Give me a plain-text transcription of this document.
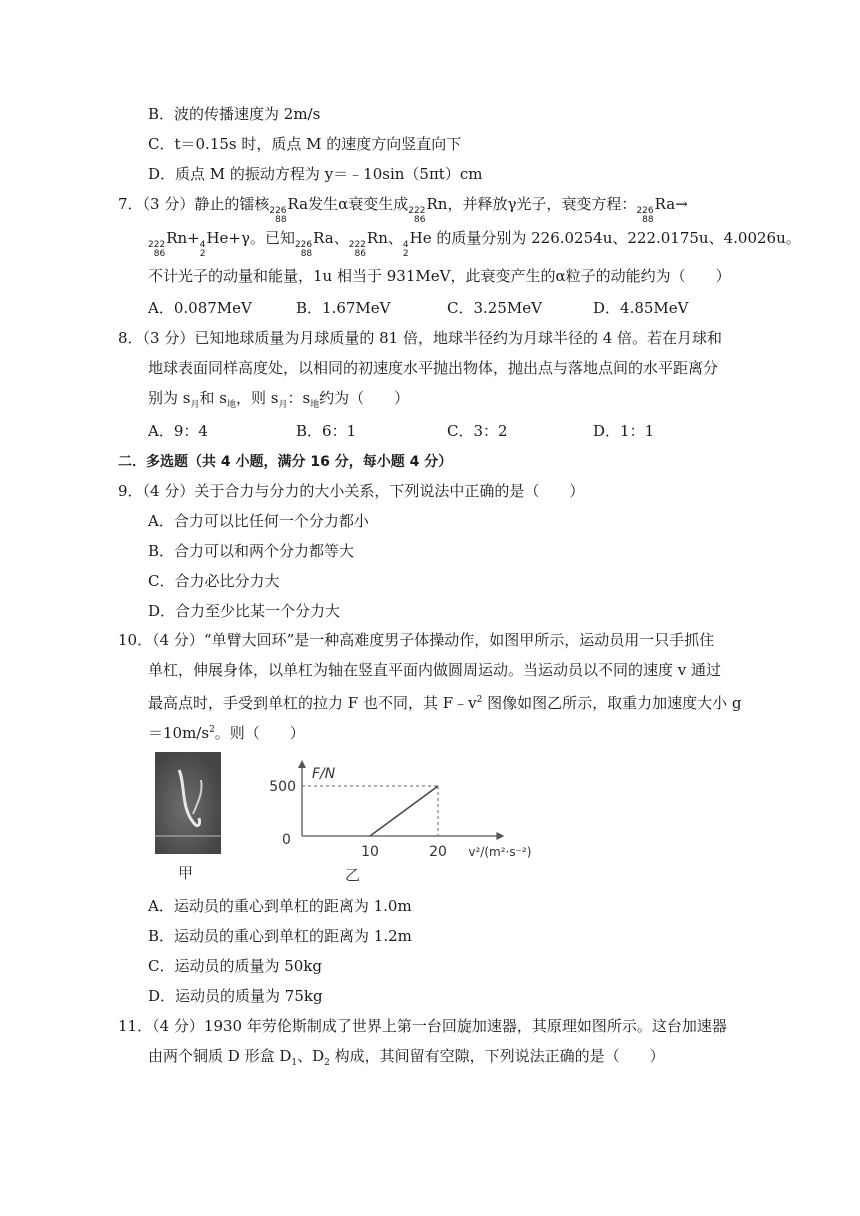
B．波的传播速度为 2m/s
C．t＝0.15s 时，质点 M 的速度方向竖直向下
D．质点 M 的振动方程为 y＝﹣10sin（5πt）cm
7．（3 分）静止的镭核 226
88
Ra发生α衰变生成 222
86
Rn，并释放γ光子，衰变方程： 226
88
Ra→
222
86
Rn+ 4
2
He+γ。已知 226
88
Ra、 222
86
Rn、 4
2
He 的质量分别为 226.0254u、222.0175u、4.0026u。
不计光子的动量和能量，1u 相当于 931MeV，此衰变产生的α粒子的动能约为（　　）
A．0.087MeV	B．1.67MeV	C．3.25MeV	D．4.85MeV
8．（3 分）已知地球质量为月球质量的 81 倍，地球半径约为月球半径的 4 倍。若在月球和
地球表面同样高度处，以相同的初速度水平抛出物体，抛出点与落地点间的水平距离分
别为 $s_月$和 $s_地$，则 $s_月$：$s_地$约为（　　）
A．9：4	B．6：1	C．3：2	D．1：1
二．多选题（共 4 小题，满分 16 分，每小题 4 分）
9．（4 分）关于合力与分力的大小关系，下列说法中正确的是（　　）
A．合力可以比任何一个分力都小
B．合力可以和两个分力都等大
C．合力必比分力大
D．合力至少比某一个分力大
10．（4 分）“单臂大回环”是一种高难度男子体操动作，如图甲所示，运动员用一只手抓住
单杠，伸展身体，以单杠为轴在竖直平面内做圆周运动。当运动员以不同的速度 v 通过
最高点时，手受到单杠的拉力 F 也不同，其 $F﹣v^2$ 图像如图乙所示，取重力加速度大小 g
$=10m/s^2$。则（　　）
甲
F/N
v²/(m²·s⁻²)
0
10	20
500
乙
A．运动员的重心到单杠的距离为 1.0m
B．运动员的重心到单杠的距离为 1.2m
C．运动员的质量为 50kg
D．运动员的质量为 75kg
11．（4 分）1930 年劳伦斯制成了世界上第一台回旋加速器，其原理如图所示。这台加速器
由两个铜质 D 形盒 $D_1$、$D_2$ 构成，其间留有空隙，下列说法正确的是（　　）
